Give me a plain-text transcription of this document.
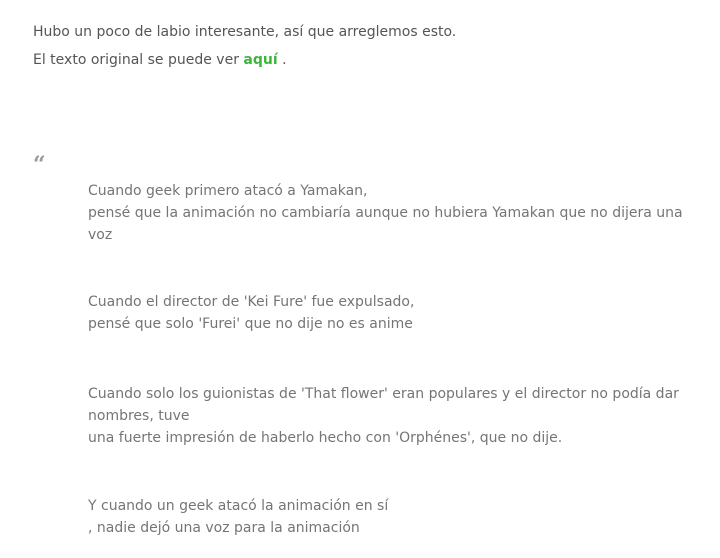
Hubo un poco de labio interesante, así que arreglemos esto.

El texto original se puede ver aquí .

“

Cuando geek primero atacó a Yamakan,
pensé que la animación no cambiaría aunque no hubiera Yamakan que no dijera una
voz

Cuando el director de 'Kei Fure' fue expulsado,
pensé que solo 'Furei' que no dije no es anime

Cuando solo los guionistas de 'That flower' eran populares y el director no podía dar
nombres, tuve
una fuerte impresión de haberlo hecho con 'Orphénes', que no dije.

Y cuando un geek atacó la animación en sí
, nadie dejó una voz para la animación
